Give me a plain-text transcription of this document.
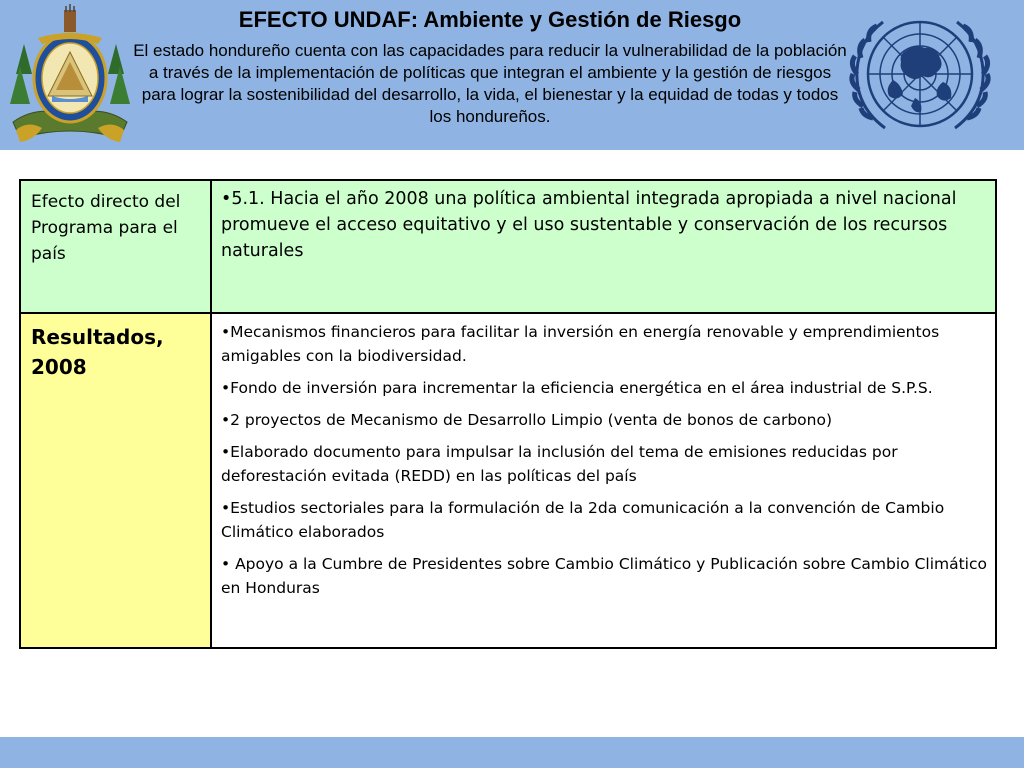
EFECTO UNDAF: Ambiente y Gestión de Riesgo
El estado hondureño cuenta con las capacidades para reducir la vulnerabilidad de la población a través de la implementación de políticas que integran el ambiente y la gestión de riesgos para lograr la sostenibilidad del desarrollo, la vida, el bienestar y la equidad de todas y todos los hondureños.
Efecto directo del Programa para el país
•5.1. Hacia el año 2008 una política ambiental integrada apropiada a nivel nacional promueve el acceso equitativo y el uso sustentable y conservación de los recursos naturales
Resultados, 2008
•Mecanismos financieros para facilitar la inversión en energía renovable y emprendimientos amigables con la biodiversidad.
•Fondo de inversión para incrementar la eficiencia energética en el área industrial de S.P.S.
•2 proyectos de Mecanismo de Desarrollo Limpio (venta de bonos de carbono)
•Elaborado documento para impulsar la inclusión del tema de emisiones reducidas por deforestación evitada (REDD) en las políticas del país
•Estudios sectoriales para la formulación de la 2da comunicación a la convención de Cambio Climático elaborados
• Apoyo a la Cumbre de Presidentes sobre Cambio Climático y Publicación sobre Cambio Climático en Honduras
